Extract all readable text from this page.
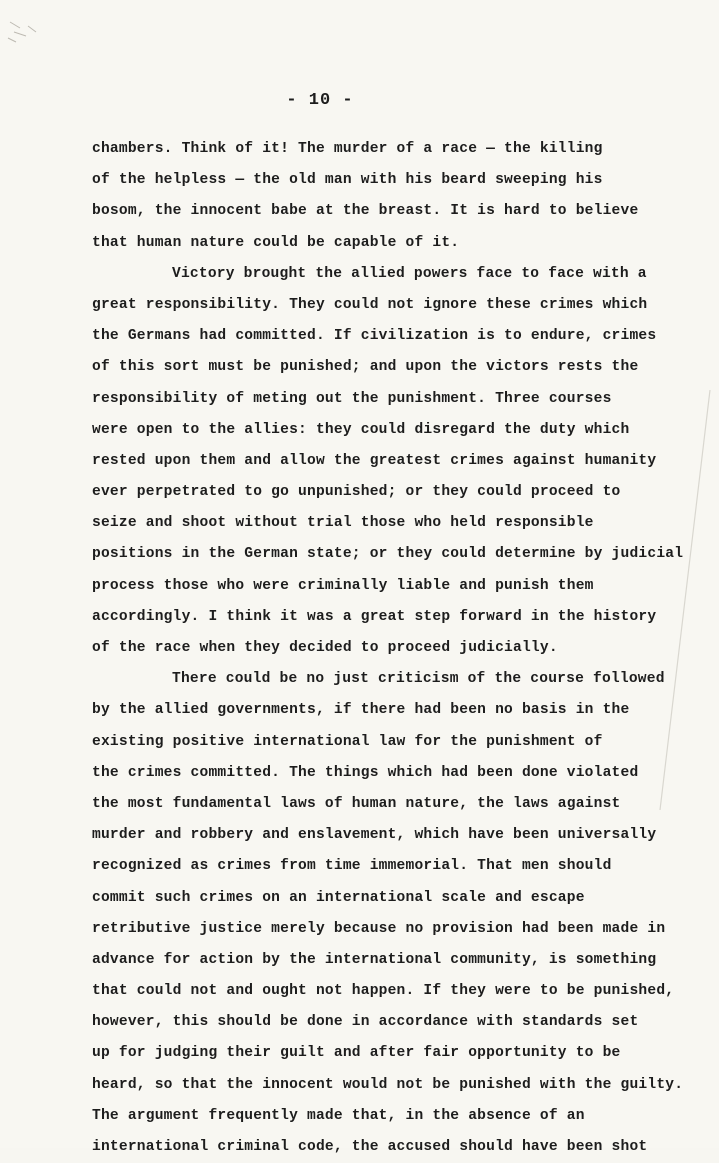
- 10 -
chambers. Think of it! The murder of a race — the killing
of the helpless — the old man with his beard sweeping his
bosom, the innocent babe at the breast. It is hard to believe
that human nature could be capable of it.
Victory brought the allied powers face to face with a
great responsibility. They could not ignore these crimes which
the Germans had committed. If civilization is to endure, crimes
of this sort must be punished; and upon the victors rests the
responsibility of meting out the punishment. Three courses
were open to the allies: they could disregard the duty which
rested upon them and allow the greatest crimes against humanity
ever perpetrated to go unpunished; or they could proceed to
seize and shoot without trial those who held responsible
positions in the German state; or they could determine by judicial
process those who were criminally liable and punish them
accordingly. I think it was a great step forward in the history
of the race when they decided to proceed judicially.
There could be no just criticism of the course followed
by the allied governments, if there had been no basis in the
existing positive international law for the punishment of
the crimes committed. The things which had been done violated
the most fundamental laws of human nature, the laws against
murder and robbery and enslavement, which have been universally
recognized as crimes from time immemorial. That men should
commit such crimes on an international scale and escape
retributive justice merely because no provision had been made in
advance for action by the international community, is something
that could not and ought not happen. If they were to be punished,
however, this should be done in accordance with standards set
up for judging their guilt and after fair opportunity to be
heard, so that the innocent would not be punished with the guilty.
The argument frequently made that, in the absence of an
international criminal code, the accused should have been shot
